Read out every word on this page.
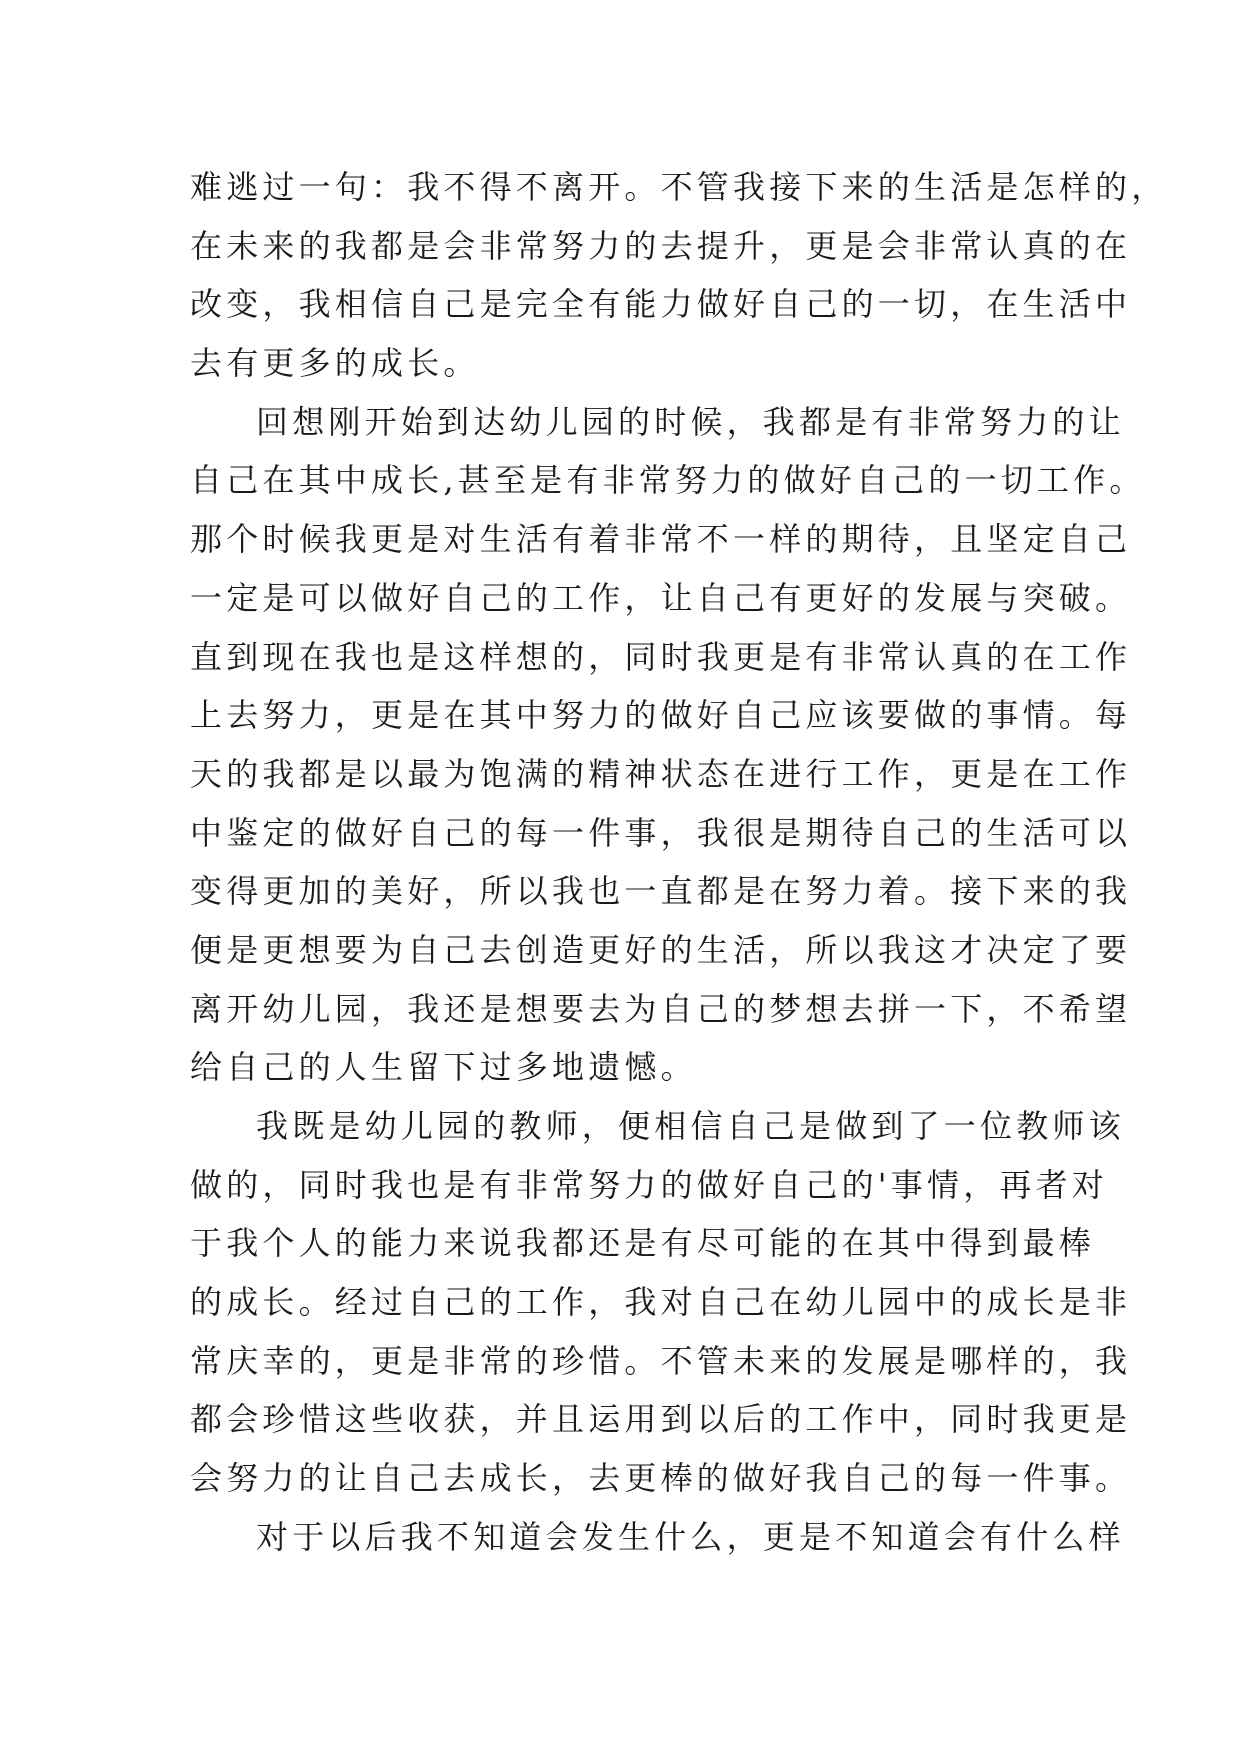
难逃过一句：我不得不离开。不管我接下来的生活是怎样的，
在未来的我都是会非常努力的去提升，更是会非常认真的在
改变，我相信自己是完全有能力做好自己的一切，在生活中
去有更多的成长。
回想刚开始到达幼儿园的时候，我都是有非常努力的让
自己在其中成长,甚至是有非常努力的做好自己的一切工作。
那个时候我更是对生活有着非常不一样的期待，且坚定自己
一定是可以做好自己的工作，让自己有更好的发展与突破。
直到现在我也是这样想的，同时我更是有非常认真的在工作
上去努力，更是在其中努力的做好自己应该要做的事情。每
天的我都是以最为饱满的精神状态在进行工作，更是在工作
中鉴定的做好自己的每一件事，我很是期待自己的生活可以
变得更加的美好，所以我也一直都是在努力着。接下来的我
便是更想要为自己去创造更好的生活，所以我这才决定了要
离开幼儿园，我还是想要去为自己的梦想去拼一下，不希望
给自己的人生留下过多地遗憾。
我既是幼儿园的教师，便相信自己是做到了一位教师该
做的，同时我也是有非常努力的做好自己的'事情，再者对
于我个人的能力来说我都还是有尽可能的在其中得到最棒
的成长。经过自己的工作，我对自己在幼儿园中的成长是非
常庆幸的，更是非常的珍惜。不管未来的发展是哪样的，我
都会珍惜这些收获，并且运用到以后的工作中，同时我更是
会努力的让自己去成长，去更棒的做好我自己的每一件事。
对于以后我不知道会发生什么，更是不知道会有什么样
